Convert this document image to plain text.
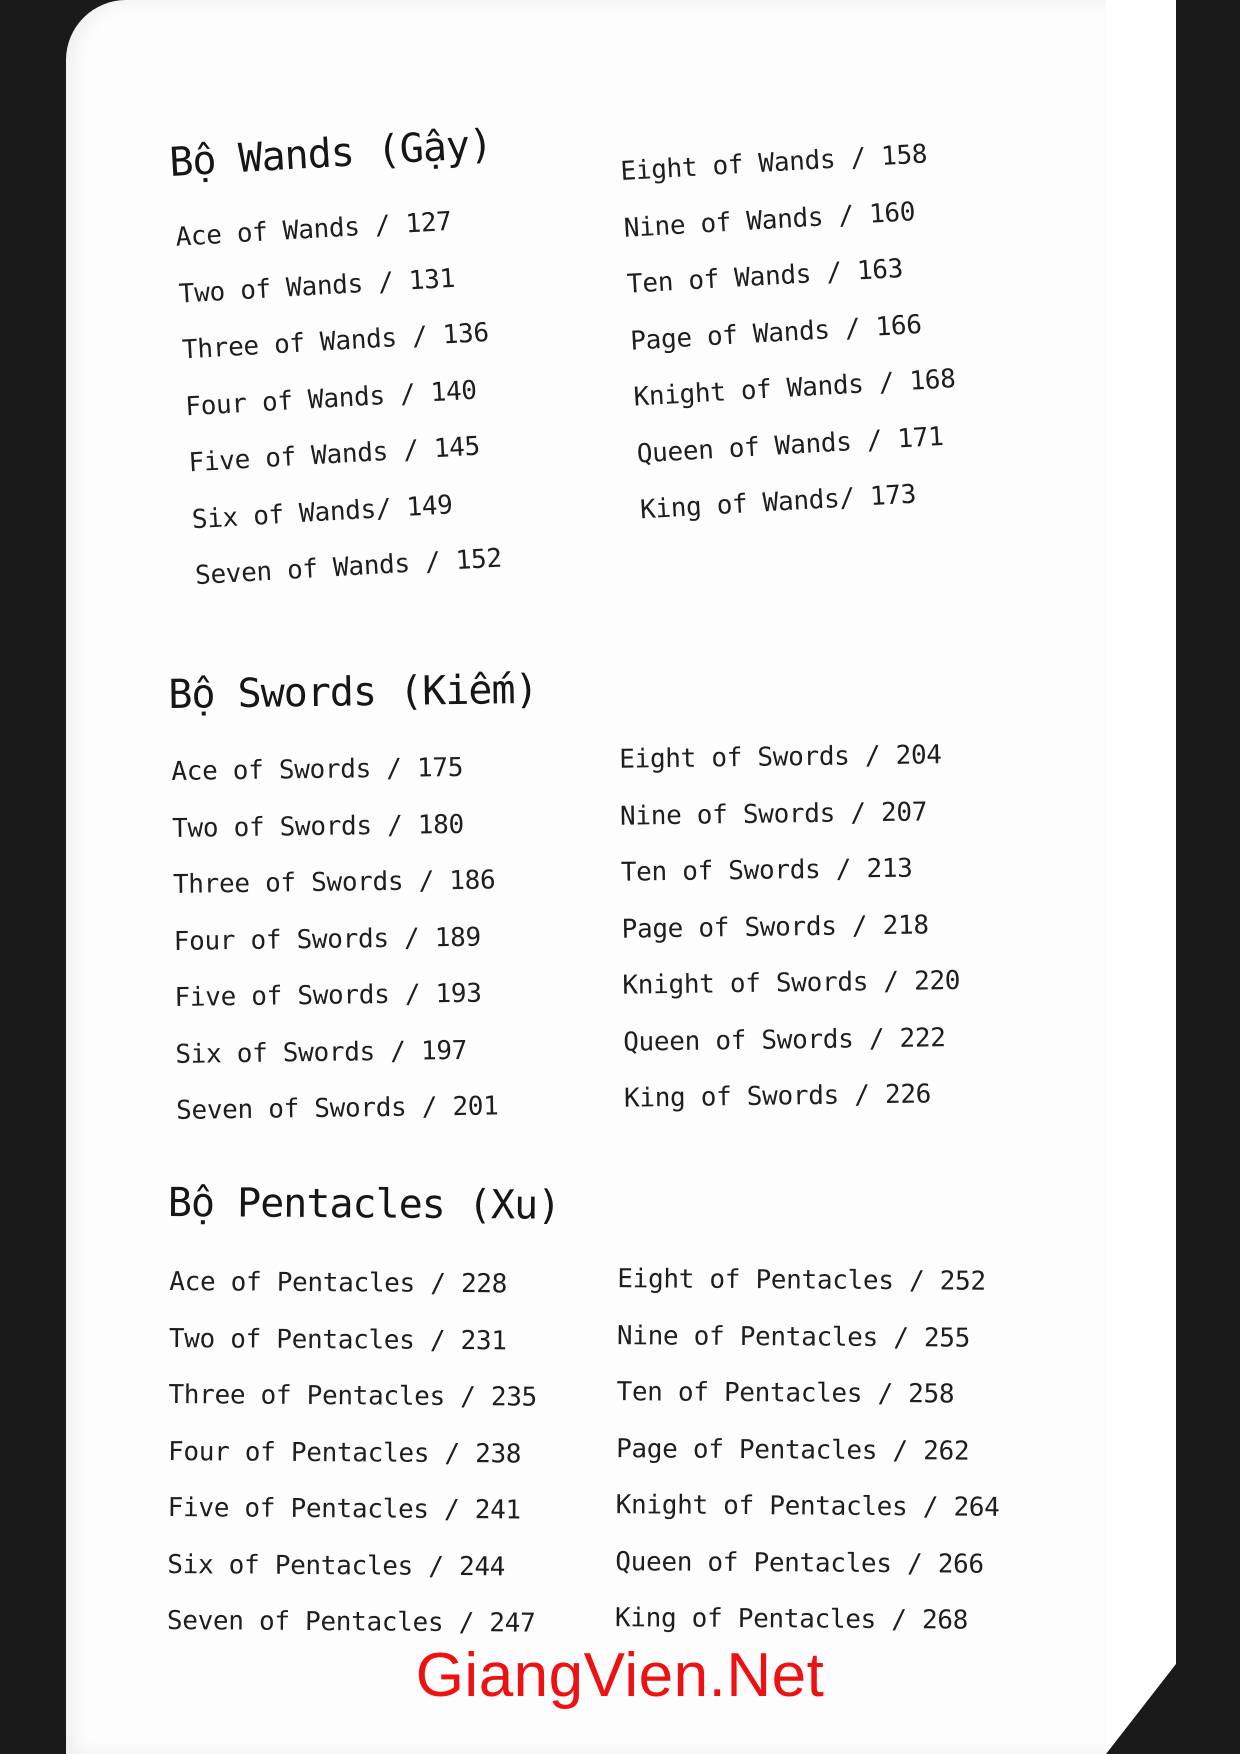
Bộ Wands (Gậy)
Ace of Wands / 127
Two of Wands / 131
Three of Wands / 136
Four of Wands / 140
Five of Wands / 145
Six of Wands/ 149
Seven of Wands / 152
Eight of Wands / 158
Nine of Wands / 160
Ten of Wands / 163
Page of Wands / 166
Knight of Wands / 168
Queen of Wands / 171
King of Wands/ 173
Bộ Swords (Kiếm)
Ace of Swords / 175
Two of Swords / 180
Three of Swords / 186
Four of Swords / 189
Five of Swords / 193
Six of Swords / 197
Seven of Swords / 201
Eight of Swords / 204
Nine of Swords / 207
Ten of Swords / 213
Page of Swords / 218
Knight of Swords / 220
Queen of Swords / 222
King of Swords / 226
Bộ Pentacles (Xu)
Ace of Pentacles / 228
Two of Pentacles / 231
Three of Pentacles / 235
Four of Pentacles / 238
Five of Pentacles / 241
Six of Pentacles / 244
Seven of Pentacles / 247
Eight of Pentacles / 252
Nine of Pentacles / 255
Ten of Pentacles / 258
Page of Pentacles / 262
Knight of Pentacles / 264
Queen of Pentacles / 266
King of Pentacles / 268
GiangVien.Net
